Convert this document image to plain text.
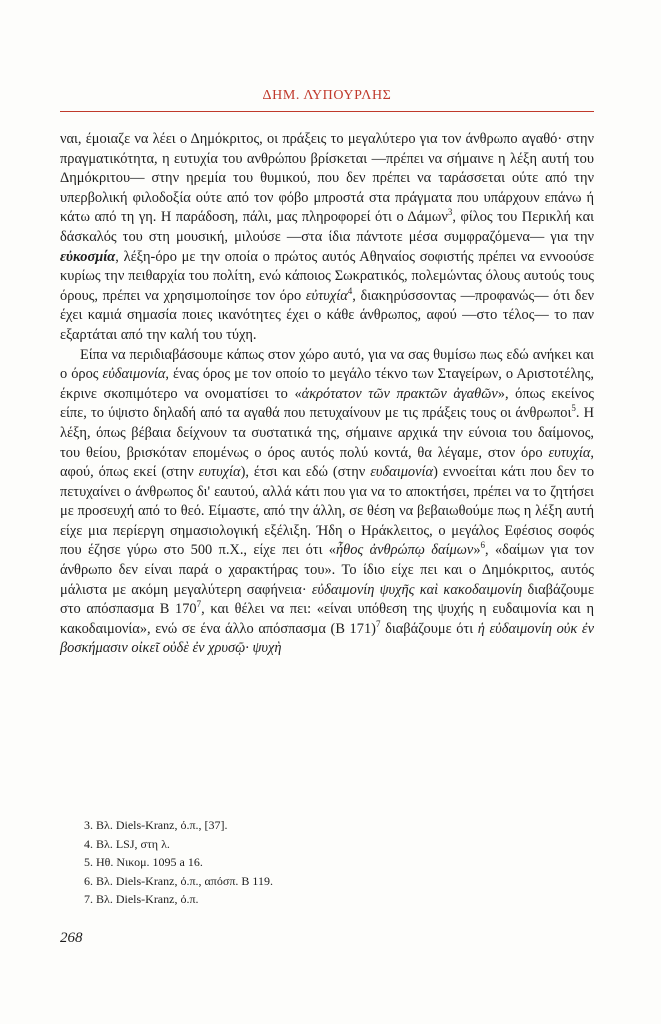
ΔΗΜ. ΛΥΠΟΥΡΛΗΣ

ναι, έμοιαζε να λέει ο Δημόκριτος, οι πράξεις το μεγαλύτερο για τον άνθρωπο αγαθό· στην πραγματικότητα, η ευτυχία του ανθρώπου βρίσκεται —πρέπει να σήμαινε η λέξη αυτή του Δημόκριτου— στην ηρεμία του θυμικού, που δεν πρέπει να ταράσσεται ούτε από την υπερβολική φιλοδοξία ούτε από τον φόβο μπροστά στα πράγματα που υπάρχουν επάνω ή κάτω από τη γη. Η παράδοση, πάλι, μας πληροφορεί ότι ο Δάμων$^3$, φίλος του Περικλή και δάσκαλός του στη μουσική, μιλούσε —στα ίδια πάντοτε μέσα συμφραζόμενα— για την εὐκοσμία, λέξη-όρο με την οποία ο πρώτος αυτός Αθηναίος σοφιστής πρέπει να εννοούσε κυρίως την πειθαρχία του πολίτη, ενώ κάποιος Σωκρατικός, πολεμώντας όλους αυτούς τους όρους, πρέπει να χρησιμοποίησε τον όρο εὐτυχία$^4$, διακηρύσσοντας —προφανώς— ότι δεν έχει καμιά σημασία ποιες ικανότητες έχει ο κάθε άνθρωπος, αφού —στο τέλος— το παν εξαρτάται από την καλή του τύχη.

Είπα να περιδιαβάσουμε κάπως στον χώρο αυτό, για να σας θυμίσω πως εδώ ανήκει και ο όρος εὐδαιμονία, ένας όρος με τον οποίο το μεγάλο τέκνο των Σταγείρων, ο Αριστοτέλης, έκρινε σκοπιμότερο να ονοματίσει το «ἀκρότατον τῶν πρακτῶν ἀγαθῶν», όπως εκείνος είπε, το ύψιστο δηλαδή από τα αγαθά που πετυχαίνουν με τις πράξεις τους οι άνθρωποι$^5$. Η λέξη, όπως βέβαια δείχνουν τα συστατικά της, σήμαινε αρχικά την εύνοια του δαίμονος, του θείου, βρισκόταν επομένως ο όρος αυτός πολύ κοντά, θα λέγαμε, στον όρο ευτυχία, αφού, όπως εκεί (στην ευτυχία), έτσι και εδώ (στην ευδαιμονία) εννοείται κάτι που δεν το πετυχαίνει ο άνθρωπος δι' εαυτού, αλλά κάτι που για να το αποκτήσει, πρέπει να το ζητήσει με προσευχή από το θεό. Είμαστε, από την άλλη, σε θέση να βεβαιωθούμε πως η λέξη αυτή είχε μια περίεργη σημασιολογική εξέλιξη. Ήδη ο Ηράκλειτος, ο μεγάλος Εφέσιος σοφός που έζησε γύρω στο 500 π.Χ., είχε πει ότι «ἦθος ἀνθρώπῳ δαίμων»$^6$, «δαίμων για τον άνθρωπο δεν είναι παρά ο χαρακτήρας του». Το ίδιο είχε πει και ο Δημόκριτος, αυτός μάλιστα με ακόμη μεγαλύτερη σαφήνεια· εὐδαιμονίη ψυχῆς καὶ κακοδαιμονίη διαβάζουμε στο απόσπασμα Β $170^7$, και θέλει να πει: «είναι υπόθεση της ψυχής η ευδαιμονία και η κακοδαιμονία», ενώ σε ένα άλλο απόσπασμα (Β 171)$^7$ διαβάζουμε ότι ἡ εὐδαιμονίη οὐκ ἐν βοσκήμασιν οἰκεῖ οὐδὲ ἐν χρυσῷ· ψυχὴ

3. Βλ. Diels-Kranz, ό.π., [37].
4. Βλ. LSJ, στη λ.
5. Ηθ. Νικομ. 1095 a 16.
6. Βλ. Diels-Kranz, ό.π., απόσπ. Β 119.
7. Βλ. Diels-Kranz, ό.π.
268
